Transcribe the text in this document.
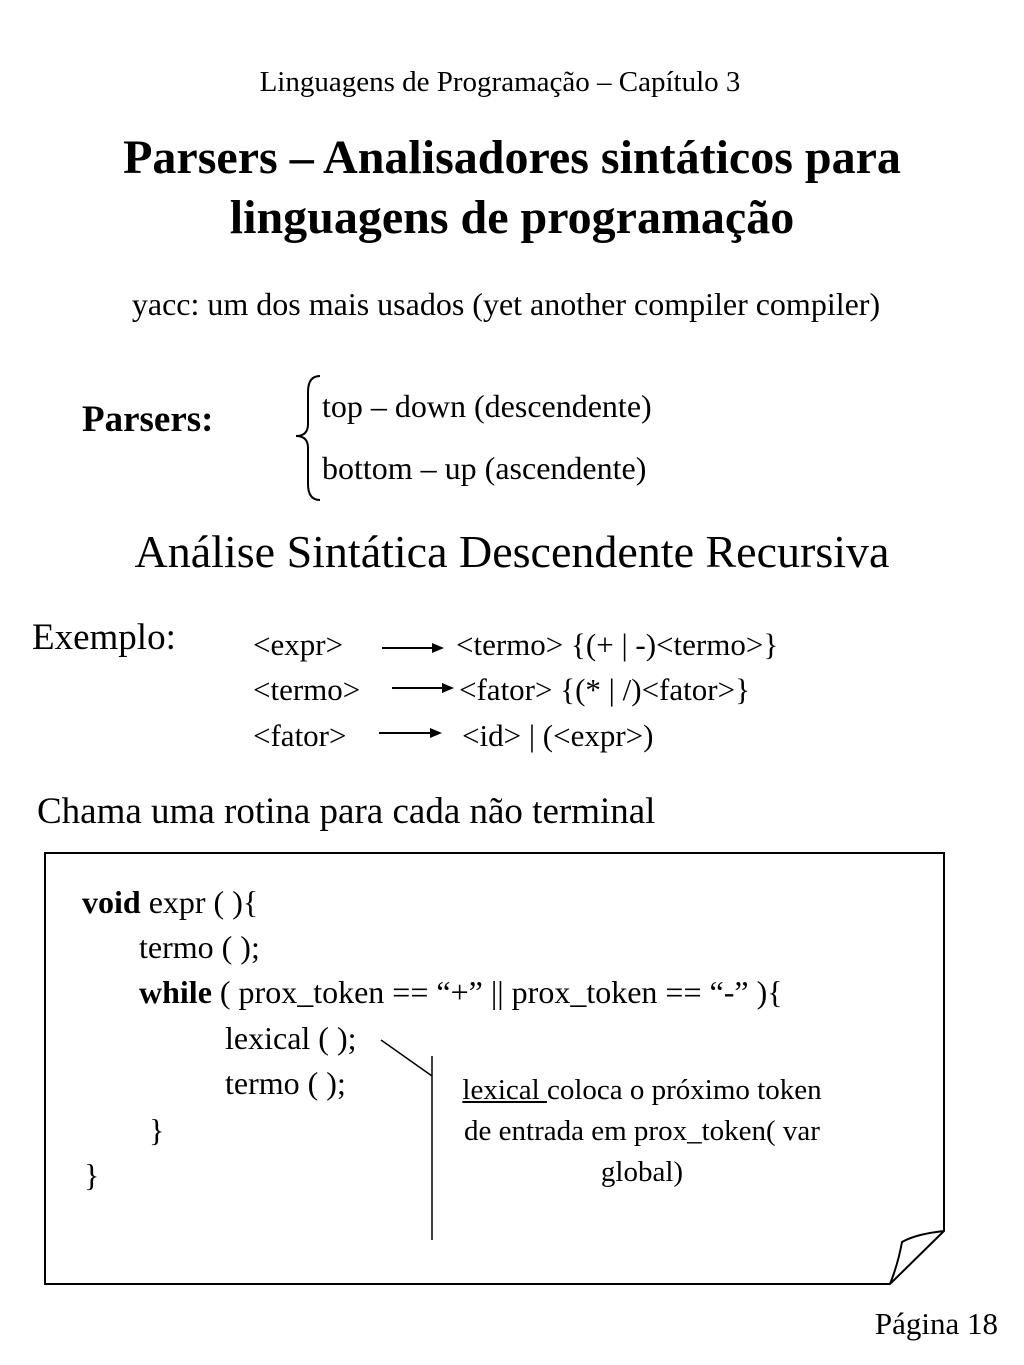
Linguagens de Programação – Capítulo 3
Parsers – Analisadores sintáticos para
linguagens de programação
yacc: um dos mais usados (yet another compiler compiler)
Parsers:	top – down (descendente)
bottom – up (ascendente)
Análise Sintática Descendente Recursiva
Exemplo: <expr>	<termo> {(+ | -)<termo>}
<termo>	<fator> {(* | /)<fator>}
<fator>	<id> | (<expr>)
Chama uma rotina para cada não terminal
void expr ( ){
termo ( );
while ( prox_token == “+” || prox_token == “-” ){
lexical ( );
termo ( );
}
}
lexical coloca o próximo token de entrada em prox_token( var global)
Página 18
